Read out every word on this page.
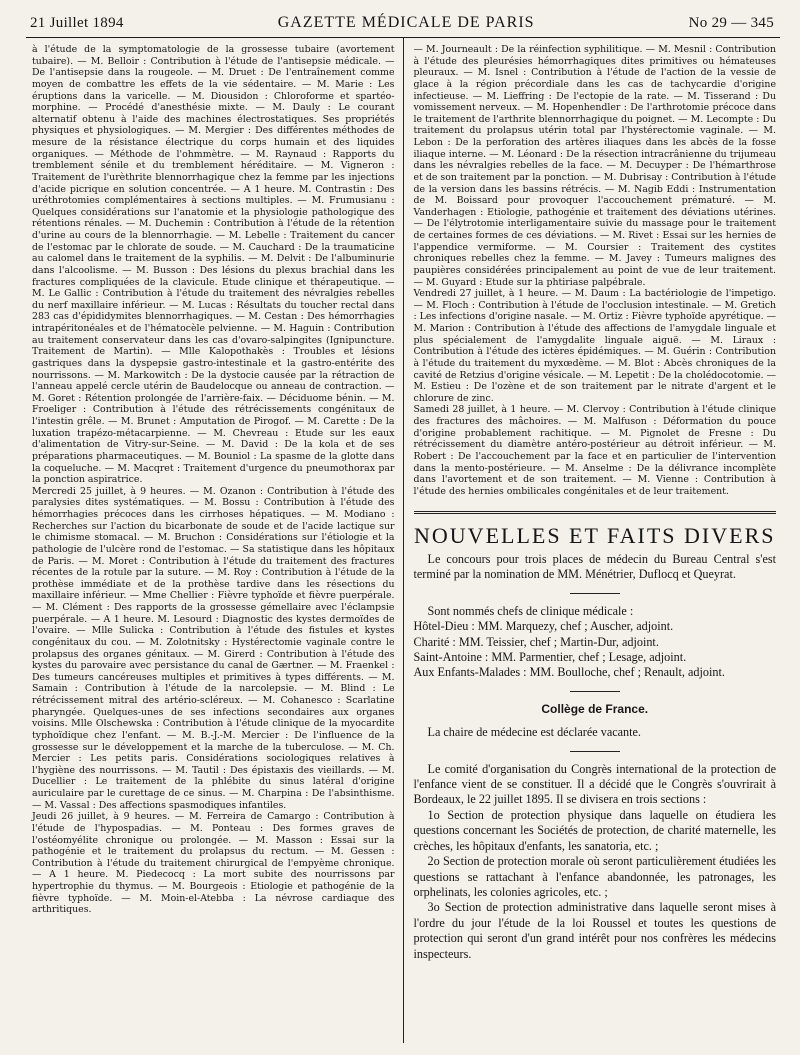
21 Juillet 1894	GAZETTE MÉDICALE DE PARIS	No 29 — 345

à l'étude de la symptomatologie de la grossesse tubaire (avortement tubaire). — M. Belloir : Contribution à l'étude de l'antisepsie médicale. — De l'antisepsie dans la rougeole. — M. Druet : De l'entraînement comme moyen de combattre les effets de la vie sédentaire. — M. Marie : Les éruptions dans la varicelle. — M. Diousidon : Chloroforme et spartéo-morphine. — Procédé d'anesthésie mixte. — M. Dauly : Le courant alternatif obtenu à l'aide des machines électrostatiques. Ses propriétés physiques et physiologiques. — M. Mergier : Des différentes méthodes de mesure de la résistance électrique du corps humain et des liquides organiques. — Méthode de l'ohmmètre. — M. Raynaud : Rapports du tremblement sénile et du tremblement héréditaire. — M. Vigneron : Traitement de l'urèthrite blennorrhagique chez la femme par les injections d'acide picrique en solution concentrée. — A 1 heure. M. Contrastin : Des uréthrotomies complémentaires à sections multiples. — M. Frumusianu : Quelques considérations sur l'anatomie et la physiologie pathologique des rétentions rénales. — M. Duchemin : Contribution à l'étude de la rétention d'urine au cours de la blennorrhagie. — M. Lebelle : Traitement du cancer de l'estomac par le chlorate de soude. — M. Cauchard : De la traumaticine au calomel dans le traitement de la syphilis. — M. Delvit : De l'albuminurie dans l'alcoolisme. — M. Busson : Des lésions du plexus brachial dans les fractures compliquées de la clavicule. Etude clinique et thérapeutique. — M. Le Gallic : Contribution à l'étude du traitement des névralgies rebelles du nerf maxillaire inférieur. — M. Lucas : Résultats du toucher rectal dans 283 cas d'épididymites blennorrhagiques. — M. Cestan : Des hémorrhagies intrapéritonéales et de l'hématocèle pelvienne. — M. Haguin : Contribution au traitement conservateur dans les cas d'ovaro-salpingites (Ignipuncture. Traitement de Martin). — Mlle Kalopothakès : Troubles et lésions gastriques dans la dyspepsie gastro-intestinale et la gastro-entérite des nourrissons. — M. Markowitch : De la dystocie causée par la rétraction de l'anneau appelé cercle utérin de Baudelocque ou anneau de contraction. — M. Goret : Rétention prolongée de l'arrière-faix. — Déciduome bénin. — M. Froeliger : Contribution à l'étude des rétrécissements congénitaux de l'intestin grêle. — M. Brunet : Amputation de Pirogof. — M. Carette : De la luxation trapézo-métacarpienne. — M. Chevreau : Etude sur les eaux d'alimentation de Vitry-sur-Seine. — M. David : De la kola et de ses préparations pharmaceutiques. — M. Bouniol : La spasme de la glotte dans la coqueluche. — M. Macqret : Traitement d'urgence du pneumothorax par la ponction aspiratrice.

Mercredi 25 juillet, à 9 heures. — M. Ozanon : Contribution à l'étude des paralysies dites systématiques. — M. Bossu : Contribution à l'étude des hémorrhagies précoces dans les cirrhoses hépatiques. — M. Modiano : Recherches sur l'action du bicarbonate de soude et de l'acide lactique sur le chimisme stomacal. — M. Bruchon : Considérations sur l'étiologie et la pathologie de l'ulcère rond de l'estomac. — Sa statistique dans les hôpitaux de Paris. — M. Moret : Contribution à l'étude du traitement des fractures récentes de la rotule par la suture. — M. Roy : Contribution à l'étude de la prothèse immédiate et de la prothèse tardive dans les résections du maxillaire inférieur. — Mme Chellier : Fièvre typhoïde et fièvre puerpérale. — M. Clément : Des rapports de la grossesse gémellaire avec l'éclampsie puerpérale. — A 1 heure. M. Lesourd : Diagnostic des kystes dermoïdes de l'ovaire. — Mlle Sulicka : Contribution à l'étude des fistules et kystes congénitaux du cou. — M. Zolotnitsky : Hystérectomie vaginale contre le prolapsus des organes génitaux. — M. Girerd : Contribution à l'étude des kystes du parovaire avec persistance du canal de Gærtner. — M. Fraenkel : Des tumeurs cancéreuses multiples et primitives à types différents. — M. Samain : Contribution à l'étude de la narcolepsie. — M. Blind : Le rétrécissement mitral des artério-scléreux. — M. Cohanesco : Scarlatine pharyngée. Quelques-unes de ses infections secondaires aux organes voisins. Mlle Olschewska : Contribution à l'étude clinique de la myocardite typhoïdique chez l'enfant. — M. B.-J.-M. Mercier : De l'influence de la grossesse sur le développement et la marche de la tuberculose. — M. Ch. Mercier : Les petits paris. Considérations sociologiques relatives à l'hygiène des nourrissons. — M. Tautil : Des épistaxis des vieillards. — M. Ducellier : Le traitement de la phlébite du sinus latéral d'origine auriculaire par le curettage de ce sinus. — M. Charpina : De l'absinthisme. — M. Vassal : Des affections spasmodiques infantiles.

Jeudi 26 juillet, à 9 heures. — M. Ferreira de Camargo : Contribution à l'étude de l'hypospadias. — M. Ponteau : Des formes graves de l'ostéomyélite chronique ou prolongée. — M. Masson : Essai sur la pathogénie et le traitement du prolapsus du rectum. — M. Gessen : Contribution à l'étude du traitement chirurgical de l'empyème chronique. — A 1 heure. M. Piedecocq : La mort subite des nourrissons par hypertrophie du thymus. — M. Bourgeois : Etiologie et pathogénie de la fièvre typhoïde. — M. Moin-el-Atebba : La névrose cardiaque des arthritiques.

— M. Journeault : De la réinfection syphilitique. — M. Mesnil : Contribution à l'étude des pleurésies hémorrhagiques dites primitives ou hémateuses pleuraux. — M. Isnel : Contribution à l'étude de l'action de la vessie de glace à la région précordiale dans les cas de tachycardie d'origine infectieuse. — M. Lieffring : De l'ectopie de la rate. — M. Tisserand : Du vomissement nerveux. — M. Hopenhendler : De l'arthrotomie précoce dans le traitement de l'arthrite blennorrhagique du poignet. — M. Lecompte : Du traitement du prolapsus utérin total par l'hystérectomie vaginale. — M. Lebon : De la perforation des artères iliaques dans les abcès de la fosse iliaque interne. — M. Léonard : De la résection intracrânienne du trijumeau dans les névralgies rebelles de la face. — M. Decuyper : De l'hémarthrose et de son traitement par la ponction. — M. Dubrisay : Contribution à l'étude de la version dans les bassins rétrécis. — M. Nagib Eddi : Instrumentation de M. Boissard pour provoquer l'accouchement prématuré. — M. Vanderhagen : Etiologie, pathogénie et traitement des déviations utérines. — De l'élytrotomie interligamentaire suivie du massage pour le traitement de certaines formes de ces déviations. — M. Rivet : Essai sur les hernies de l'appendice vermiforme. — M. Coursier : Traitement des cystites chroniques rebelles chez la femme. — M. Javey : Tumeurs malignes des paupières considérées principalement au point de vue de leur traitement. — M. Guyard : Etude sur la phtiriase palpébrale.

Vendredi 27 juillet, à 1 heure. — M. Daum : La bactériologie de l'impetigo. — M. Floch : Contribution à l'étude de l'occlusion intestinale. — M. Gretich : Les infections d'origine nasale. — M. Ortiz : Fièvre typhoïde apyrétique. — M. Marion : Contribution à l'étude des affections de l'amygdale linguale et plus spécialement de l'amygdalite linguale aiguë. — M. Liraux : Contribution à l'étude des ictères épidémiques. — M. Guérin : Contribution à l'étude du traitement du myxœdème. — M. Blot : Abcès chroniques de la cavité de Retzius d'origine vésicale. — M. Lepetit : De la cholédocotomie. — M. Estieu : De l'ozène et de son traitement par le nitrate d'argent et le chlorure de zinc.

Samedi 28 juillet, à 1 heure. — M. Clervoy : Contribution à l'étude clinique des fractures des mâchoires. — M. Malfuson : Déformation du pouce d'origine probablement rachitique. — M. Pignolet de Fresne : Du rétrécissement du diamètre antéro-postérieur au détroit inférieur. — M. Robert : De l'accouchement par la face et en particulier de l'intervention dans la mento-postérieure. — M. Anselme : De la délivrance incomplète dans l'avortement et de son traitement. — M. Vienne : Contribution à l'étude des hernies ombilicales congénitales et de leur traitement.

NOUVELLES ET FAITS DIVERS

Le concours pour trois places de médecin du Bureau Central s'est terminé par la nomination de MM. Ménétrier, Duflocq et Queyrat.

Sont nommés chefs de clinique médicale :

Hôtel-Dieu : MM. Marquezy, chef ; Auscher, adjoint.

Charité : MM. Teissier, chef ; Martin-Dur, adjoint.

Saint-Antoine : MM. Parmentier, chef ; Lesage, adjoint.

Aux Enfants-Malades : MM. Boulloche, chef ; Renault, adjoint.

Collège de France.

La chaire de médecine est déclarée vacante.

Le comité d'organisation du Congrès international de la protection de l'enfance vient de se constituer. Il a décidé que le Congrès s'ouvrirait à Bordeaux, le 22 juillet 1895. Il se divisera en trois sections :

1o Section de protection physique dans laquelle on étudiera les questions concernant les Sociétés de protection, de charité maternelle, les crèches, les hôpitaux d'enfants, les sanatoria, etc. ;

2o Section de protection morale où seront particulièrement étudiées les questions se rattachant à l'enfance abandonnée, les patronages, les orphelinats, les colonies agricoles, etc. ;

3o Section de protection administrative dans laquelle seront mises à l'ordre du jour l'étude de la loi Roussel et toutes les questions de protection qui seront d'un grand intérêt pour nos confrères les médecins inspecteurs.
